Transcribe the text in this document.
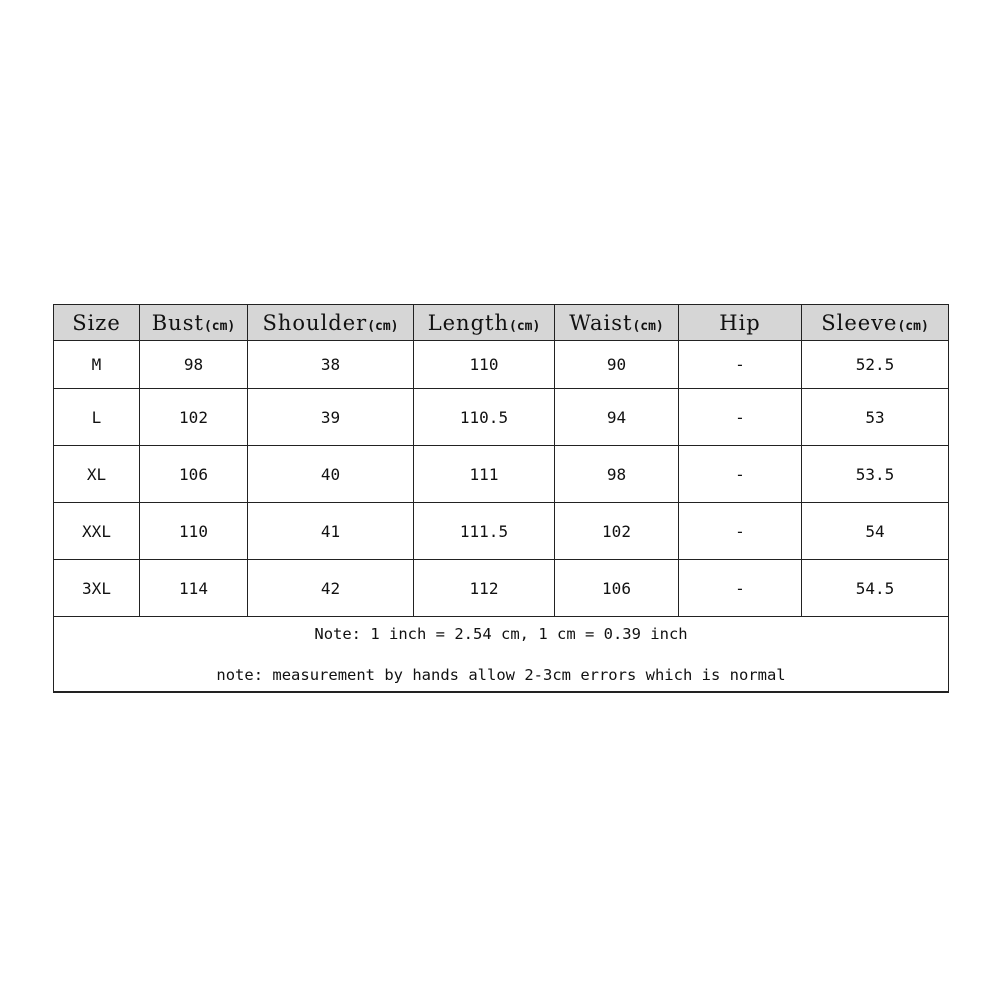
Size	Bust(cm)	Shoulder(cm)	Length(cm)	Waist(cm)	Hip	Sleeve(cm)
M	98	38	110	90	-	52.5
L	102	39	110.5	94	-	53
XL	106	40	111	98	-	53.5
XXL	110	41	111.5	102	-	54
3XL	114	42	112	106	-	54.5

Note: 1 inch = 2.54 cm, 1 cm = 0.39 inch
note: measurement by hands allow 2-3cm errors which is normal						
